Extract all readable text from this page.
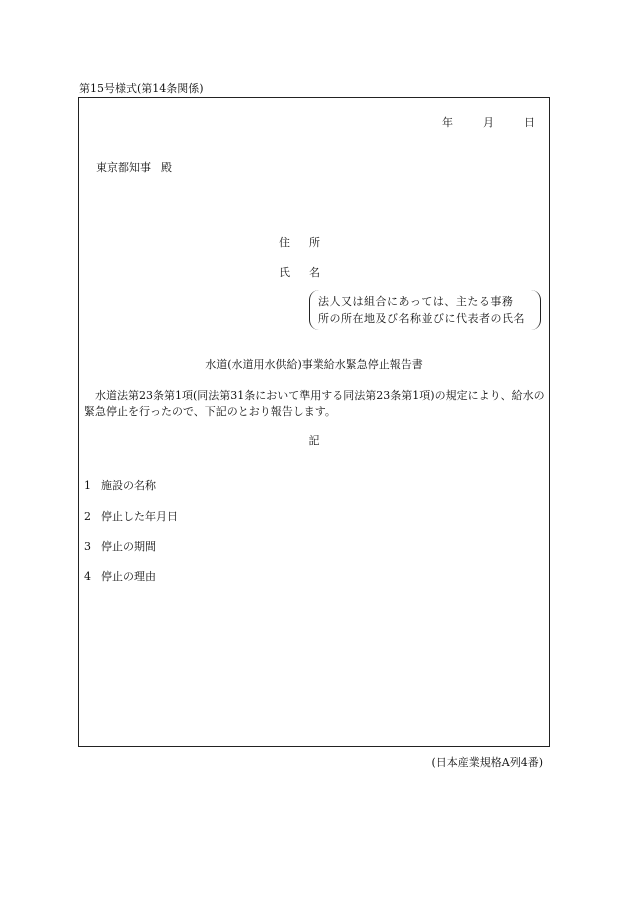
第15号様式(第14条関係)
年	月	日
東京都知事 殿
住 所
氏 名
法人又は組合にあっては、主たる事務
所の所在地及び名称並びに代表者の氏名
水道(水道用水供給)事業給水緊急停止報告書
水道法第23条第1項(同法第31条において準用する同法第23条第1項)の規定により、給水の緊急停止を行ったので、下記のとおり報告します。
記
1 施設の名称
2 停止した年月日
3 停止の期間
4 停止の理由
(日本産業規格A列4番)
